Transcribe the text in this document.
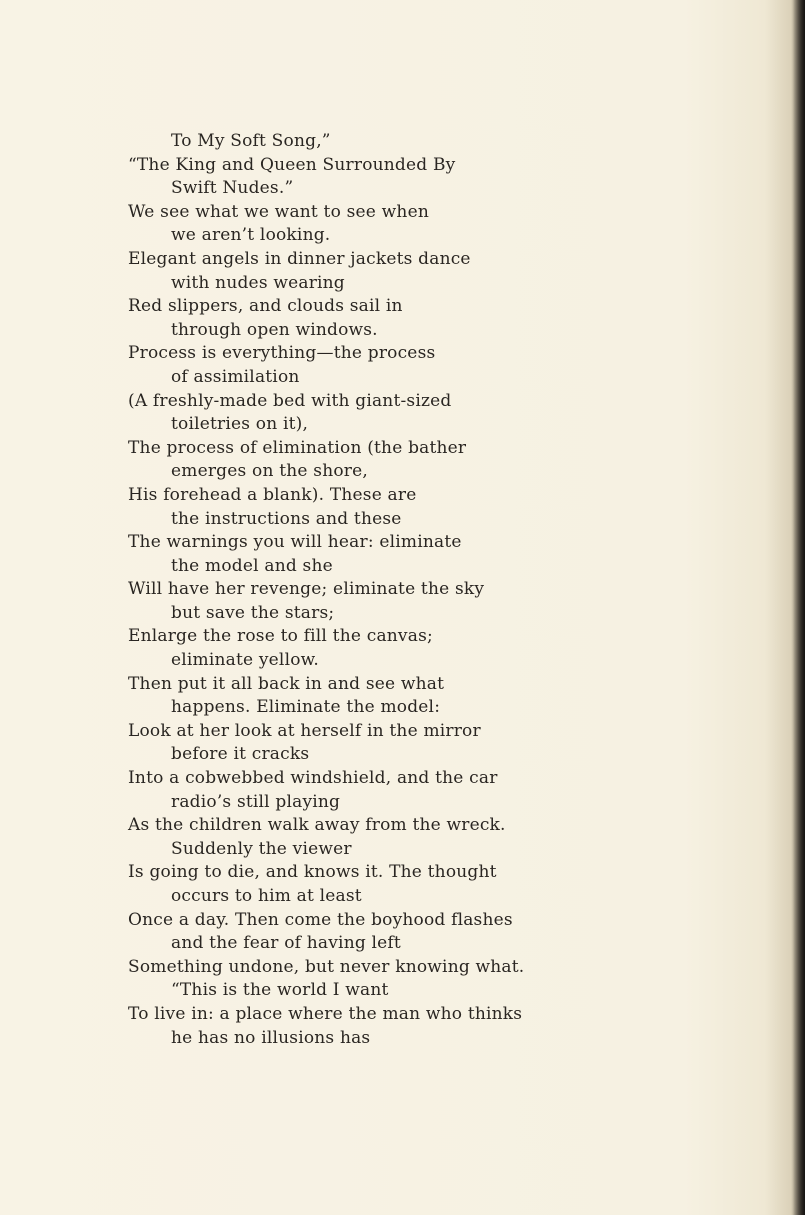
To My Soft Song,”
“The King and Queen Surrounded By
Swift Nudes.”
We see what we want to see when
we aren’t looking.
Elegant angels in dinner jackets dance
with nudes wearing
Red slippers, and clouds sail in
through open windows.
Process is everything—the process
of assimilation
(A freshly-made bed with giant-sized
toiletries on it),
The process of elimination (the bather
emerges on the shore,
His forehead a blank). These are
the instructions and these
The warnings you will hear: eliminate
the model and she
Will have her revenge; eliminate the sky
but save the stars;
Enlarge the rose to fill the canvas;
eliminate yellow.
Then put it all back in and see what
happens. Eliminate the model:
Look at her look at herself in the mirror
before it cracks
Into a cobwebbed windshield, and the car
radio’s still playing
As the children walk away from the wreck.
Suddenly the viewer
Is going to die, and knows it. The thought
occurs to him at least
Once a day. Then come the boyhood flashes
and the fear of having left
Something undone, but never knowing what.
“This is the world I want
To live in: a place where the man who thinks
he has no illusions has
